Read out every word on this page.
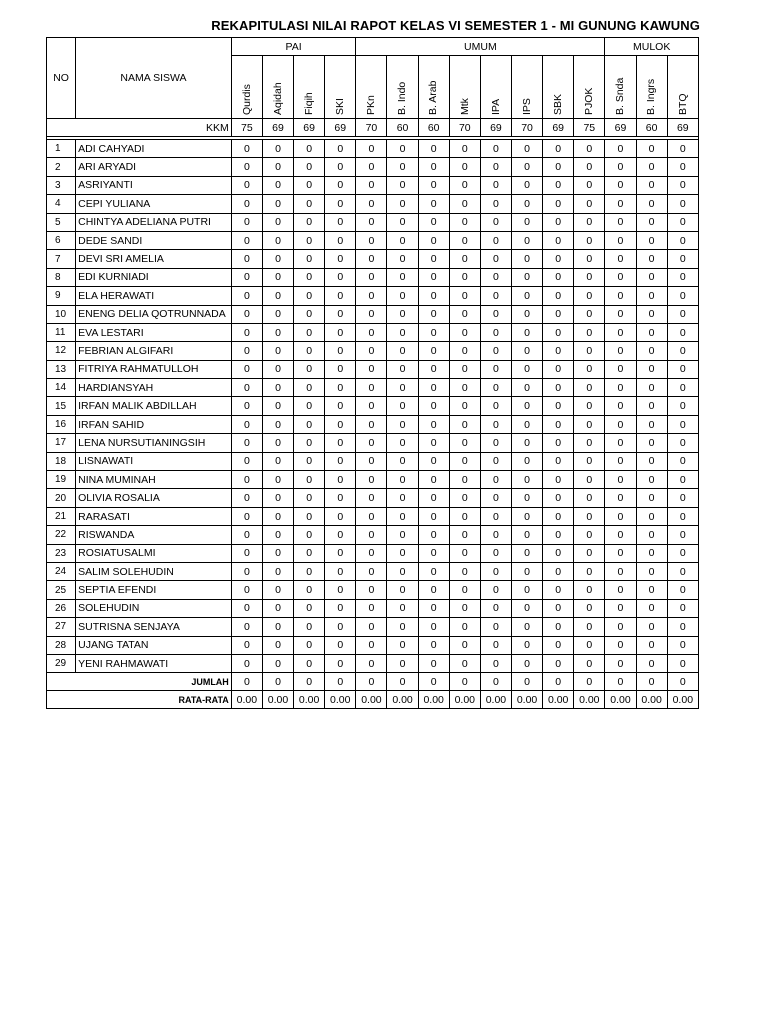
REKAPITULASI NILAI RAPOT KELAS VI SEMESTER 1 - MI GUNUNG KAWUNG
NO	NAMA SISWA	PAI				UMUM								MULOK		
		Qurdis	Aqidah	Fiqih	SKI	PKn	B. Indo	B. Arab	Mtk	IPA	IPS	SBK	PJOK	B. Snda	B. Ingrs	BTQ
KKM		75	69	69	69	70	60	60	70	69	70	69	75	69	60	69

1	ADI CAHYADI	0	0	0	0	0	0	0	0	0	0	0	0	0	0	0
2	ARI ARYADI	0	0	0	0	0	0	0	0	0	0	0	0	0	0	0
3	ASRIYANTI	0	0	0	0	0	0	0	0	0	0	0	0	0	0	0
4	CEPI YULIANA	0	0	0	0	0	0	0	0	0	0	0	0	0	0	0
5	CHINTYA ADELIANA PUTRI	0	0	0	0	0	0	0	0	0	0	0	0	0	0	0
6	DEDE SANDI	0	0	0	0	0	0	0	0	0	0	0	0	0	0	0
7	DEVI SRI AMELIA	0	0	0	0	0	0	0	0	0	0	0	0	0	0	0
8	EDI KURNIADI	0	0	0	0	0	0	0	0	0	0	0	0	0	0	0
9	ELA HERAWATI	0	0	0	0	0	0	0	0	0	0	0	0	0	0	0
10	ENENG DELIA QOTRUNNADA	0	0	0	0	0	0	0	0	0	0	0	0	0	0	0
11	EVA LESTARI	0	0	0	0	0	0	0	0	0	0	0	0	0	0	0
12	FEBRIAN ALGIFARI	0	0	0	0	0	0	0	0	0	0	0	0	0	0	0
13	FITRIYA RAHMATULLOH	0	0	0	0	0	0	0	0	0	0	0	0	0	0	0
14	HARDIANSYAH	0	0	0	0	0	0	0	0	0	0	0	0	0	0	0
15	IRFAN MALIK ABDILLAH	0	0	0	0	0	0	0	0	0	0	0	0	0	0	0
16	IRFAN SAHID	0	0	0	0	0	0	0	0	0	0	0	0	0	0	0
17	LENA NURSUTIANINGSIH	0	0	0	0	0	0	0	0	0	0	0	0	0	0	0
18	LISNAWATI	0	0	0	0	0	0	0	0	0	0	0	0	0	0	0
19	NINA MUMINAH	0	0	0	0	0	0	0	0	0	0	0	0	0	0	0
20	OLIVIA ROSALIA	0	0	0	0	0	0	0	0	0	0	0	0	0	0	0
21	RARASATI	0	0	0	0	0	0	0	0	0	0	0	0	0	0	0
22	RISWANDA	0	0	0	0	0	0	0	0	0	0	0	0	0	0	0
23	ROSIATUSALMI	0	0	0	0	0	0	0	0	0	0	0	0	0	0	0
24	SALIM SOLEHUDIN	0	0	0	0	0	0	0	0	0	0	0	0	0	0	0
25	SEPTIA EFENDI	0	0	0	0	0	0	0	0	0	0	0	0	0	0	0
26	SOLEHUDIN	0	0	0	0	0	0	0	0	0	0	0	0	0	0	0
27	SUTRISNA SENJAYA	0	0	0	0	0	0	0	0	0	0	0	0	0	0	0
28	UJANG TATAN	0	0	0	0	0	0	0	0	0	0	0	0	0	0	0
29	YENI RAHMAWATI	0	0	0	0	0	0	0	0	0	0	0	0	0	0	0
JUMLAH		0	0	0	0	0	0	0	0	0	0	0	0	0	0	0
RATA-RATA		0.00	0.00	0.00	0.00	0.00	0.00	0.00	0.00	0.00	0.00	0.00	0.00	0.00	0.00	0.00
